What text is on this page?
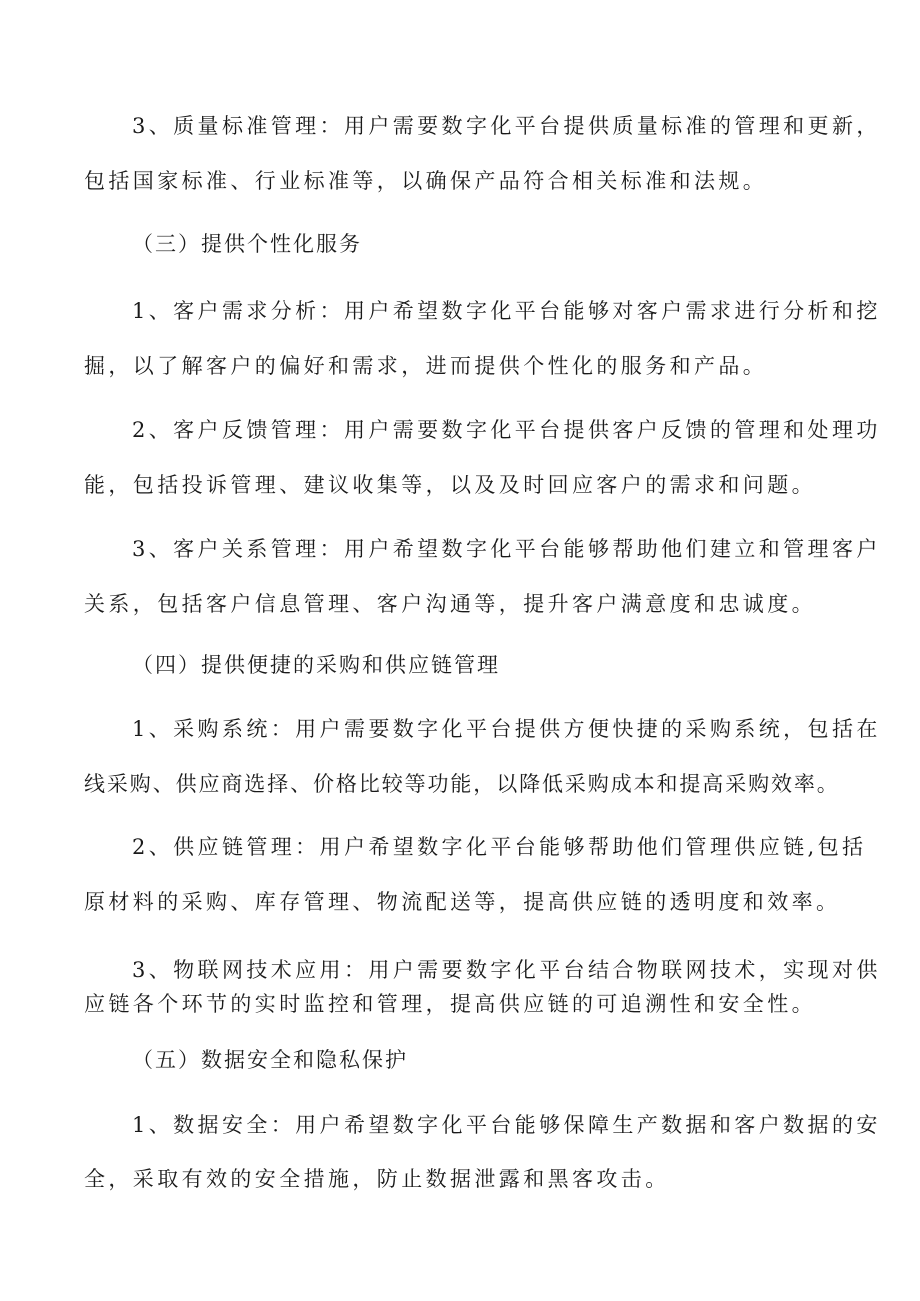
3、质量标准管理：用户需要数字化平台提供质量标准的管理和更新，
包括国家标准、行业标准等，以确保产品符合相关标准和法规。
（三）提供个性化服务
1、客户需求分析：用户希望数字化平台能够对客户需求进行分析和挖
掘，以了解客户的偏好和需求，进而提供个性化的服务和产品。
2、客户反馈管理：用户需要数字化平台提供客户反馈的管理和处理功
能，包括投诉管理、建议收集等，以及及时回应客户的需求和问题。
3、客户关系管理：用户希望数字化平台能够帮助他们建立和管理客户
关系，包括客户信息管理、客户沟通等，提升客户满意度和忠诚度。
（四）提供便捷的采购和供应链管理
1、采购系统：用户需要数字化平台提供方便快捷的采购系统，包括在
线采购、供应商选择、价格比较等功能，以降低采购成本和提高采购效率。
2、供应链管理：用户希望数字化平台能够帮助他们管理供应链,包括
原材料的采购、库存管理、物流配送等，提高供应链的透明度和效率。
3、物联网技术应用：用户需要数字化平台结合物联网技术，实现对供
应链各个环节的实时监控和管理，提高供应链的可追溯性和安全性。
（五）数据安全和隐私保护
1、数据安全：用户希望数字化平台能够保障生产数据和客户数据的安
全，采取有效的安全措施，防止数据泄露和黑客攻击。
